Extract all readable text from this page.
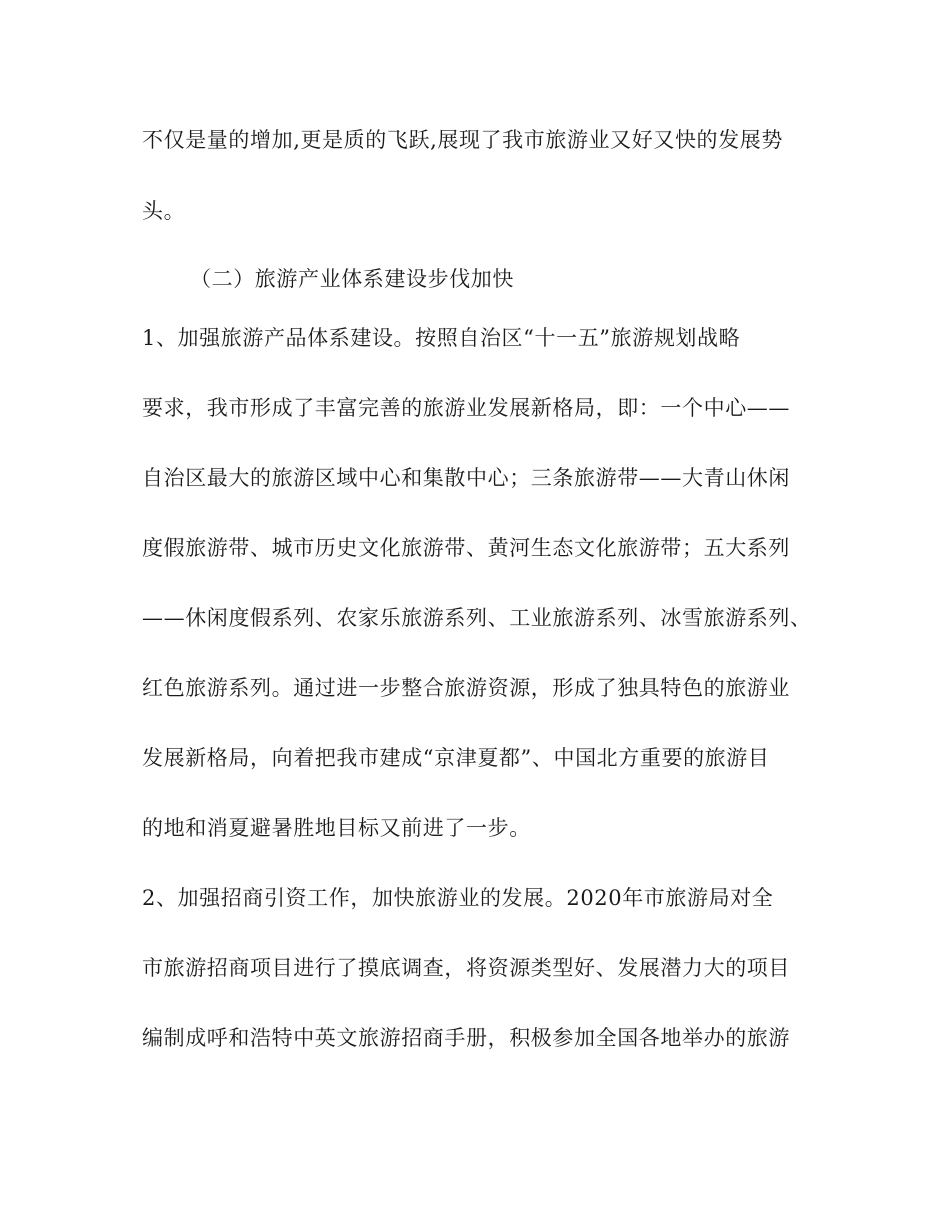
不仅是量的增加,更是质的飞跃,展现了我市旅游业又好又快的发展势
头。
（二）旅游产业体系建设步伐加快
1、加强旅游产品体系建设。按照自治区“十一五”旅游规划战略
要求，我市形成了丰富完善的旅游业发展新格局，即：一个中心——
自治区最大的旅游区域中心和集散中心；三条旅游带——大青山休闲
度假旅游带、城市历史文化旅游带、黄河生态文化旅游带；五大系列
——休闲度假系列、农家乐旅游系列、工业旅游系列、冰雪旅游系列、
红色旅游系列。通过进一步整合旅游资源，形成了独具特色的旅游业
发展新格局，向着把我市建成“京津夏都”、中国北方重要的旅游目
的地和消夏避暑胜地目标又前进了一步。
2、加强招商引资工作，加快旅游业的发展。2020年市旅游局对全
市旅游招商项目进行了摸底调查，将资源类型好、发展潜力大的项目
编制成呼和浩特中英文旅游招商手册，积极参加全国各地举办的旅游
